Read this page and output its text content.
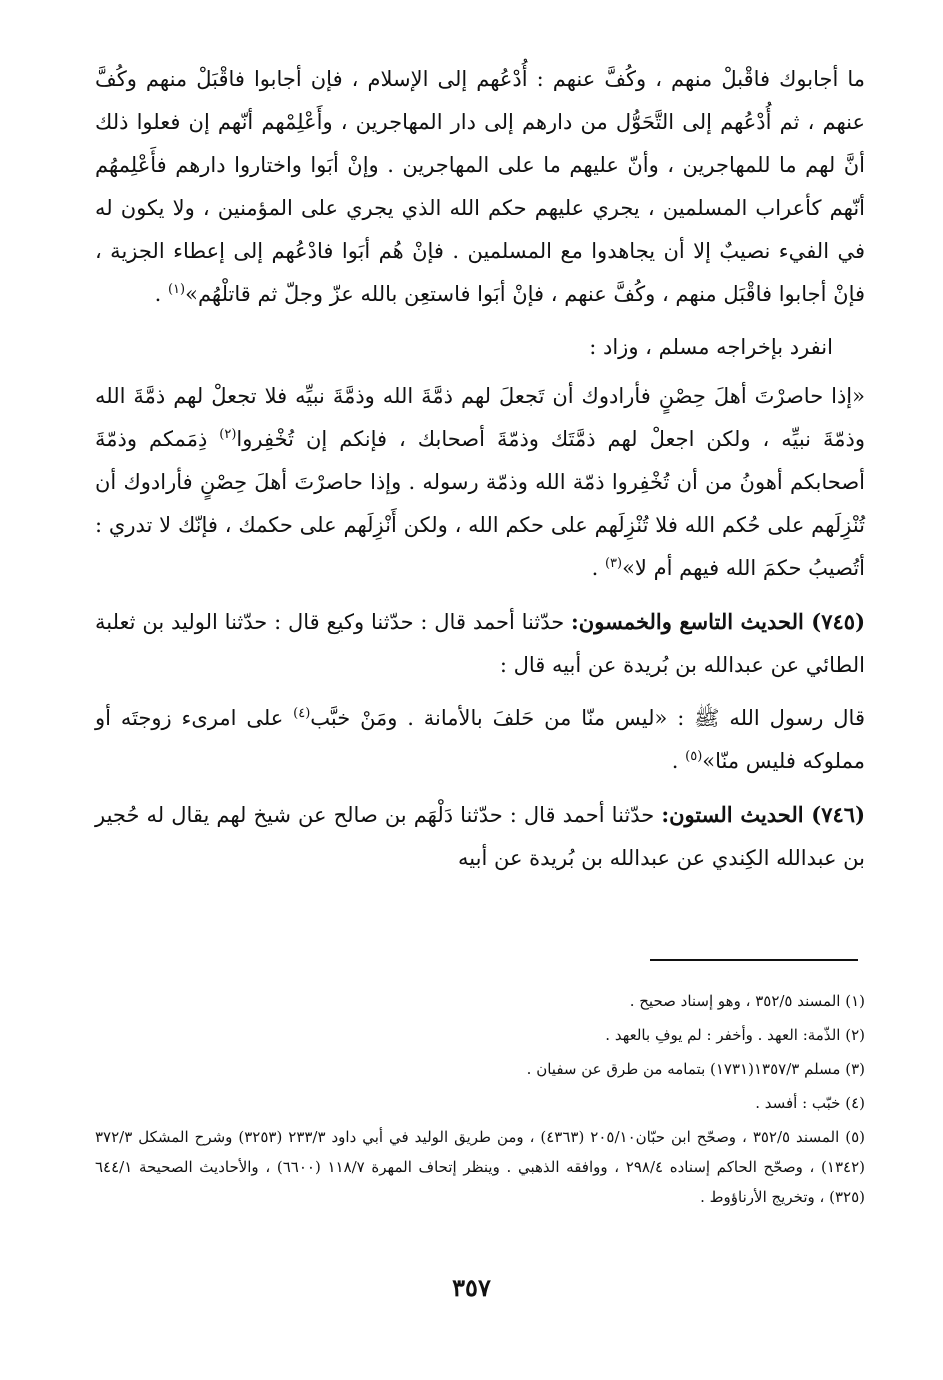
ما أجابوك فاقْبلْ منهم ، وكُفَّ عنهم : أُدْعُهم إلى الإسلام ، فإن أجابوا فاقْبَلْ منهم وكُفَّ عنهم ، ثم أُدْعُهم إلى التَّحَوُّل من دارهم إلى دار المهاجرين ، وأَعْلِمْهم أنّهم إن فعلوا ذلك أنَّ لهم ما للمهاجرين ، وأنّ عليهم ما على المهاجرين . وإنْ أبَوا واختاروا دارهم فأَعْلِمهُم أنّهم كأعراب المسلمين ، يجري عليهم حكم الله الذي يجري على المؤمنين ، ولا يكون له في الفيء نصيبٌ إلا أن يجاهدوا مع المسلمين . فإنْ هُم أبَوا فادْعُهم إلى إعطاء الجزية ، فإنْ أجابوا فاقْبَل منهم ، وكُفَّ عنهم ، فإنْ أبَوا فاستعِن بالله عزّ وجلّ ثم قاتلْهُم»$^{(١)}$ .

انفرد بإخراجه مسلم ، وزاد :

«إذا حاصرْتَ أهلَ حِصْنٍ فأرادوك أن تَجعلَ لهم ذمَّةَ الله وذمَّةَ نبيِّه فلا تجعلْ لهم ذمَّةَ الله وذمّةَ نبيِّه ، ولكن اجعلْ لهم ذمَّتَك وذمّةَ أصحابك ، فإنكم إن تُخْفِروا$^{(٢)}$ ذِمَمكم وذمّةَ أصحابكم أهونُ من أن تُخْفِروا ذمّة الله وذمّة رسوله . وإذا حاصرْتَ أهلَ حِصْنٍ فأرادوك أن تُنْزِلَهم على حُكم الله فلا تُنْزِلَهم على حكم الله ، ولكن أَنْزِلَهم على حكمك ، فإنّك لا تدري : أتُصيبُ حكمَ الله فيهم أم لا»$^{(٣)}$ .

(٧٤٥) الحديث التاسع والخمسون: حدّثنا أحمد قال : حدّثنا وكيع قال : حدّثنا الوليد بن ثعلبة الطائي عن عبدالله بن بُريدة عن أبيه قال :

قال رسول الله ﷺ : «ليس منّا من حَلفَ بالأمانة . ومَنْ خبَّب$^{(٤)}$ على امرىء زوجتَه أو مملوكه فليس منّا»$^{(٥)}$ .

(٧٤٦) الحديث الستون: حدّثنا أحمد قال : حدّثنا دَلْهَم بن صالح عن شيخ لهم يقال له حُجير بن عبدالله الكِندي عن عبدالله بن بُريدة عن أبيه

(١) المسند ٣٥٢/٥ ، وهو إسناد صحيح .

(٢) الذّمة: العهد . وأخفر : لم يوفِ بالعهد .

(٣) مسلم ١٣٥٧/٣(١٧٣١) بتمامه من طرق عن سفيان .

(٤) خبّب : أفسد .

(٥) المسند ٣٥٢/٥ ، وصحّح ابن حبّان٢٠٥/١٠ (٤٣٦٣) ، ومن طريق الوليد في أبي داود ٢٣٣/٣ (٣٢٥٣) وشرح المشكل ٣٧٢/٣ (١٣٤٢) ، وصحّح الحاكم إسناده ٢٩٨/٤ ، ووافقه الذهبي . وينظر إتحاف المهرة ١١٨/٧ (٦٦٠٠) ، والأحاديث الصحيحة ٦٤٤/١ (٣٢٥) ، وتخريج الأرناؤوط .

٣٥٧
